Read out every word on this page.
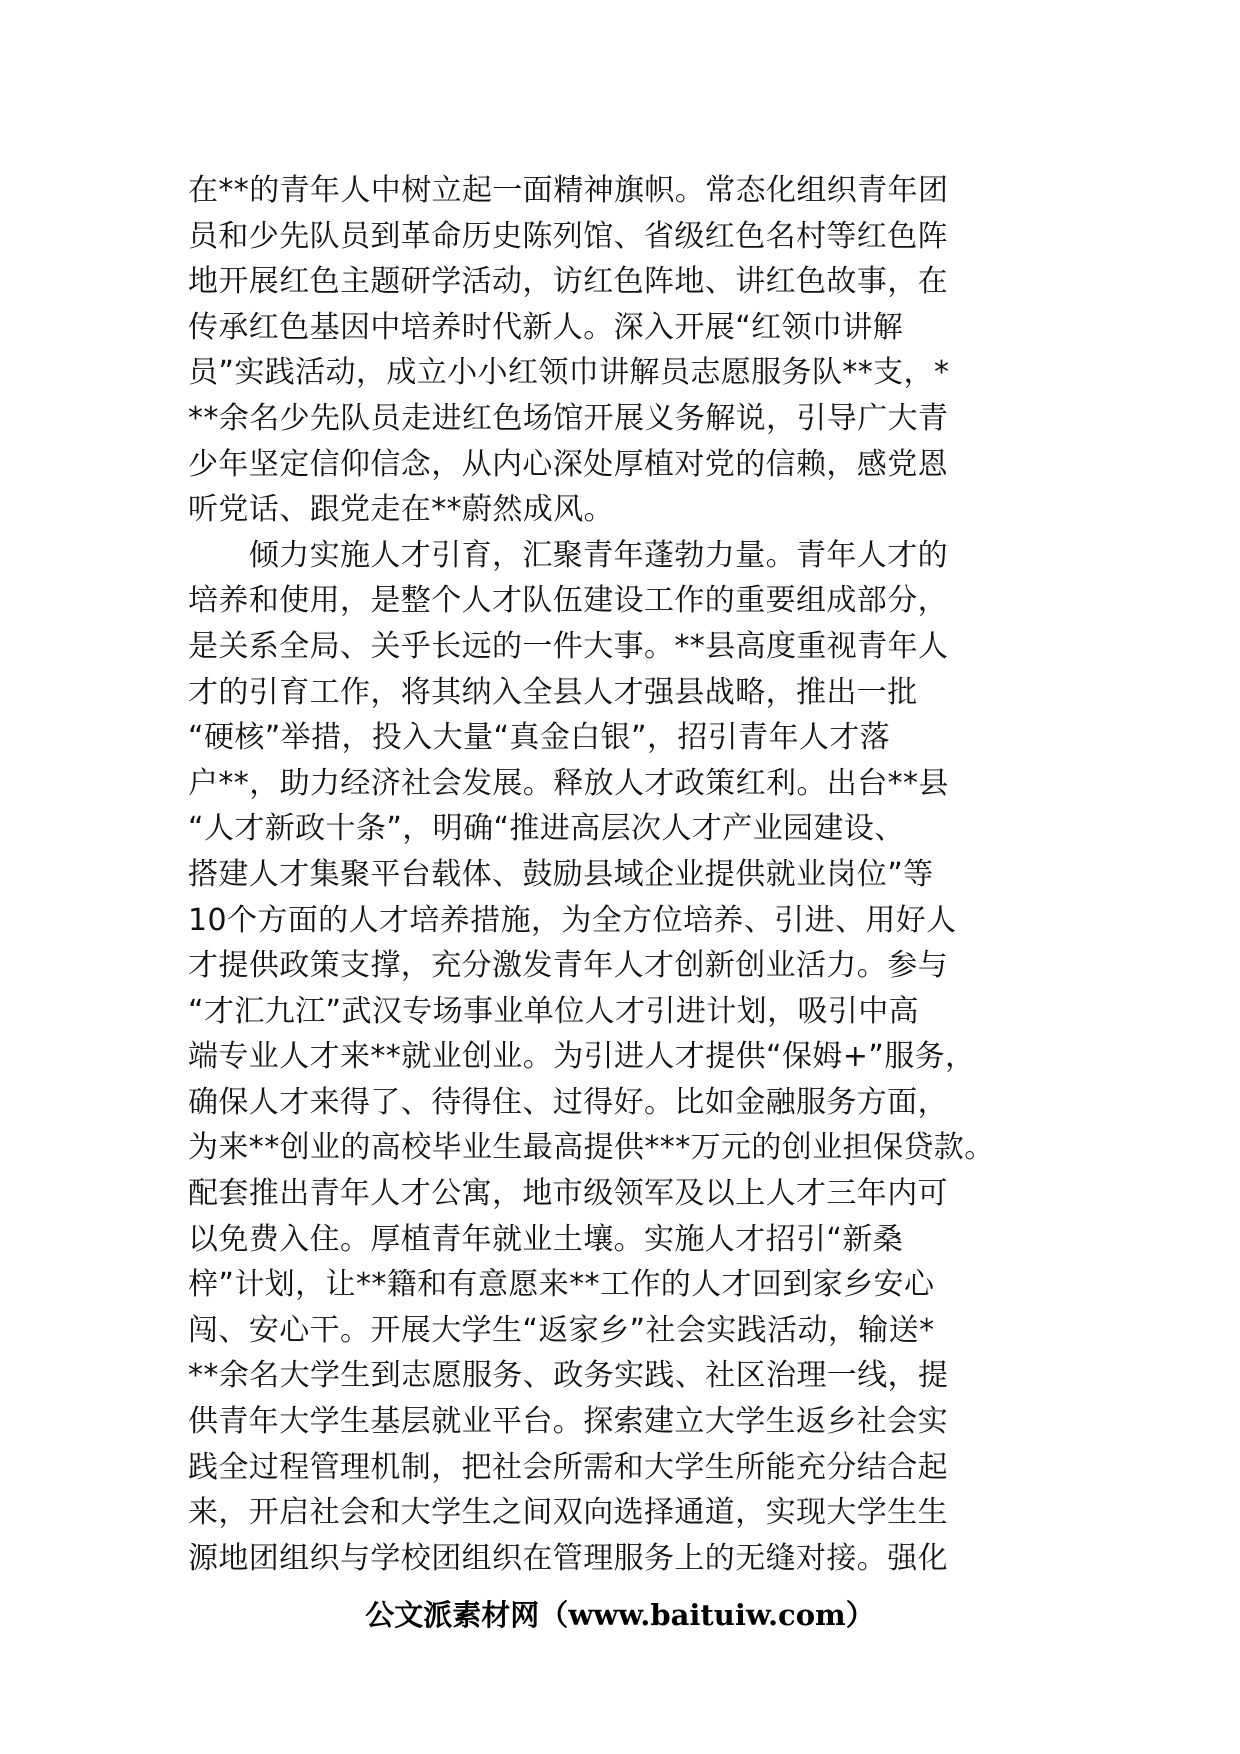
在**的青年人中树立起一面精神旗帜。常态化组织青年团
员和少先队员到革命历史陈列馆、省级红色名村等红色阵
地开展红色主题研学活动，访红色阵地、讲红色故事，在
传承红色基因中培养时代新人。深入开展“红领巾讲解
员”实践活动，成立小小红领巾讲解员志愿服务队**支，*
**余名少先队员走进红色场馆开展义务解说，引导广大青
少年坚定信仰信念，从内心深处厚植对党的信赖，感党恩
听党话、跟党走在**蔚然成风。
　　倾力实施人才引育，汇聚青年蓬勃力量。青年人才的
培养和使用，是整个人才队伍建设工作的重要组成部分，
是关系全局、关乎长远的一件大事。**县高度重视青年人
才的引育工作，将其纳入全县人才强县战略，推出一批
“硬核”举措，投入大量“真金白银”，招引青年人才落
户**，助力经济社会发展。释放人才政策红利。出台**县
“人才新政十条”，明确“推进高层次人才产业园建设、
搭建人才集聚平台载体、鼓励县域企业提供就业岗位”等
10个方面的人才培养措施，为全方位培养、引进、用好人
才提供政策支撑，充分激发青年人才创新创业活力。参与
“才汇九江”武汉专场事业单位人才引进计划，吸引中高
端专业人才来**就业创业。为引进人才提供“保姆+”服务，
确保人才来得了、待得住、过得好。比如金融服务方面，
为来**创业的高校毕业生最高提供***万元的创业担保贷款。
配套推出青年人才公寓，地市级领军及以上人才三年内可
以免费入住。厚植青年就业土壤。实施人才招引“新桑
梓”计划，让**籍和有意愿来**工作的人才回到家乡安心
闯、安心干。开展大学生“返家乡”社会实践活动，输送*
**余名大学生到志愿服务、政务实践、社区治理一线，提
供青年大学生基层就业平台。探索建立大学生返乡社会实
践全过程管理机制，把社会所需和大学生所能充分结合起
来，开启社会和大学生之间双向选择通道，实现大学生生
源地团组织与学校团组织在管理服务上的无缝对接。强化
公文派素材网（www.baituiw.com）
